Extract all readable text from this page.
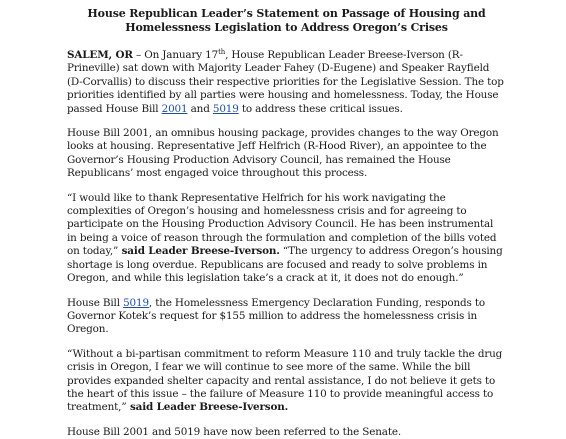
House Republican Leader’s Statement on Passage of Housing and
Homelessness Legislation to Address Oregon’s Crises

SALEM, OR – On January 17th, House Republican Leader Breese-Iverson (R-Prineville) sat down with Majority Leader Fahey (D-Eugene) and Speaker Rayfield (D-Corvallis) to discuss their respective priorities for the Legislative Session. The top priorities identified by all parties were housing and homelessness. Today, the House passed House Bill 2001 and 5019 to address these critical issues.

House Bill 2001, an omnibus housing package, provides changes to the way Oregon looks at housing. Representative Jeff Helfrich (R-Hood River), an appointee to the Governor’s Housing Production Advisory Council, has remained the House Republicans’ most engaged voice throughout this process.

“I would like to thank Representative Helfrich for his work navigating the complexities of Oregon’s housing and homelessness crisis and for agreeing to participate on the Housing Production Advisory Council. He has been instrumental in being a voice of reason through the formulation and completion of the bills voted on today,” said Leader Breese-Iverson. “The urgency to address Oregon’s housing shortage is long overdue. Republicans are focused and ready to solve problems in Oregon, and while this legislation take’s a crack at it, it does not do enough.”

House Bill 5019, the Homelessness Emergency Declaration Funding, responds to Governor Kotek’s request for $155 million to address the homelessness crisis in Oregon.

“Without a bi-partisan commitment to reform Measure 110 and truly tackle the drug crisis in Oregon, I fear we will continue to see more of the same. While the bill provides expanded shelter capacity and rental assistance, I do not believe it gets to the heart of this issue – the failure of Measure 110 to provide meaningful access to treatment,” said Leader Breese-Iverson.

House Bill 2001 and 5019 have now been referred to the Senate.
